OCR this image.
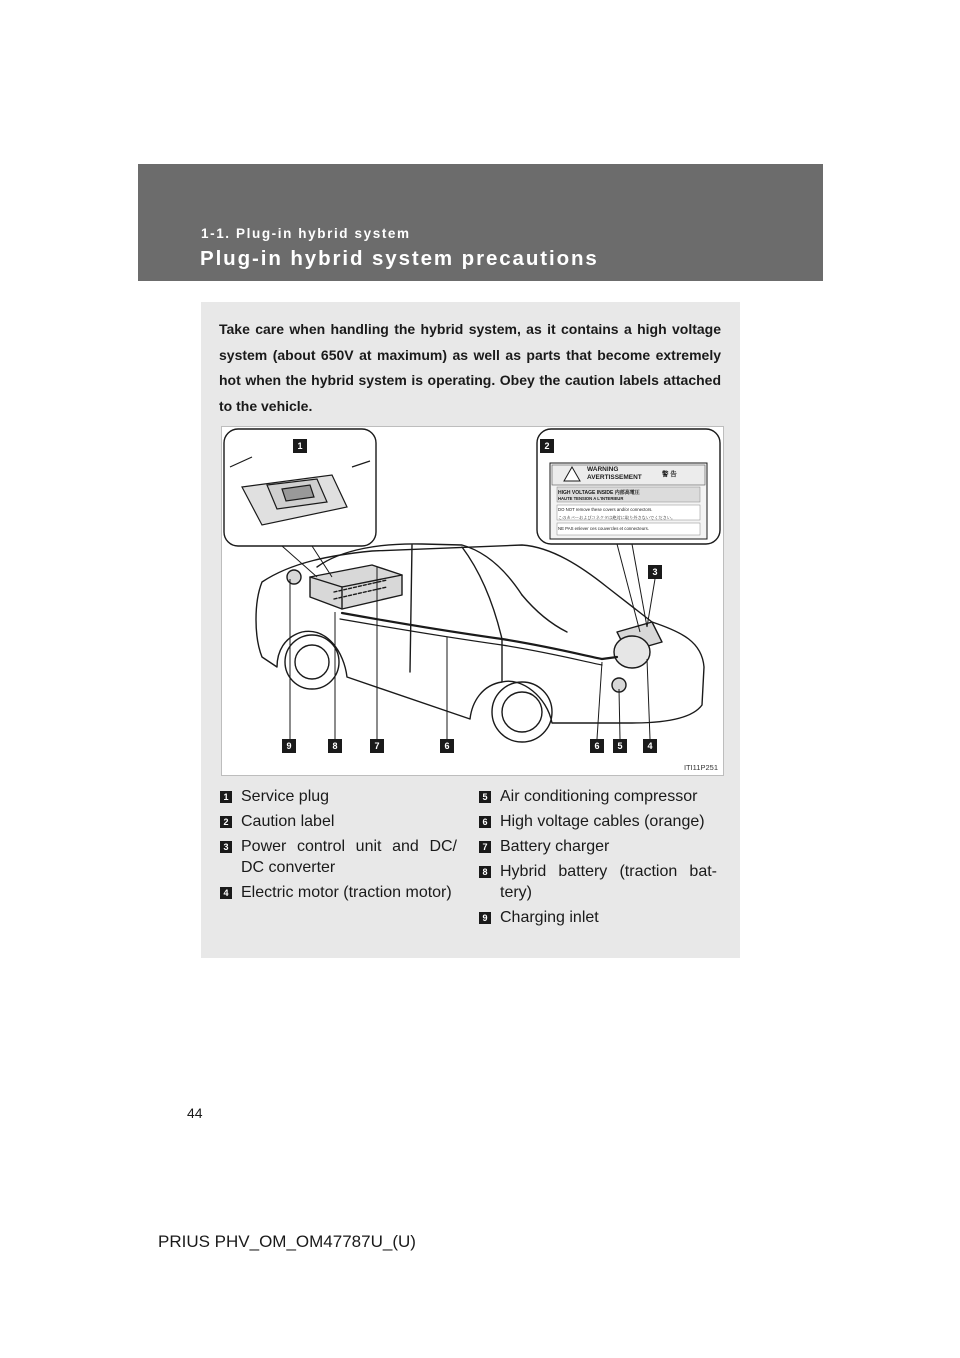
1-1. Plug-in hybrid system
Plug-in hybrid system precautions
Take care when handling the hybrid system, as it contains a high voltage system (about 650V at maximum) as well as parts that become extremely hot when the hybrid system is operating. Obey the caution labels attached to the vehicle.
1	2
3
9	8	7	6	6	5	4
WARNING
AVERTISSEMENT	警 告
HIGH VOLTAGE INSIDE 内部高電圧
HAUTE TENSION A L'INTERIEUR
DO NOT remove these covers and/or connectors.
このカバーおよびコネクタは絶対に取り外さないでください。
NE PAS enlever ces couvercles et connecteurs.
ITI11P251
1 Service plug
2 Caution label
3 Power control unit and DC/ DC converter
4 Electric motor (traction motor)
5 Air conditioning compressor
6 High voltage cables (orange)
7 Battery charger
8 Hybrid battery (traction bat- tery)
9 Charging inlet
44
PRIUS PHV_OM_OM47787U_(U)
